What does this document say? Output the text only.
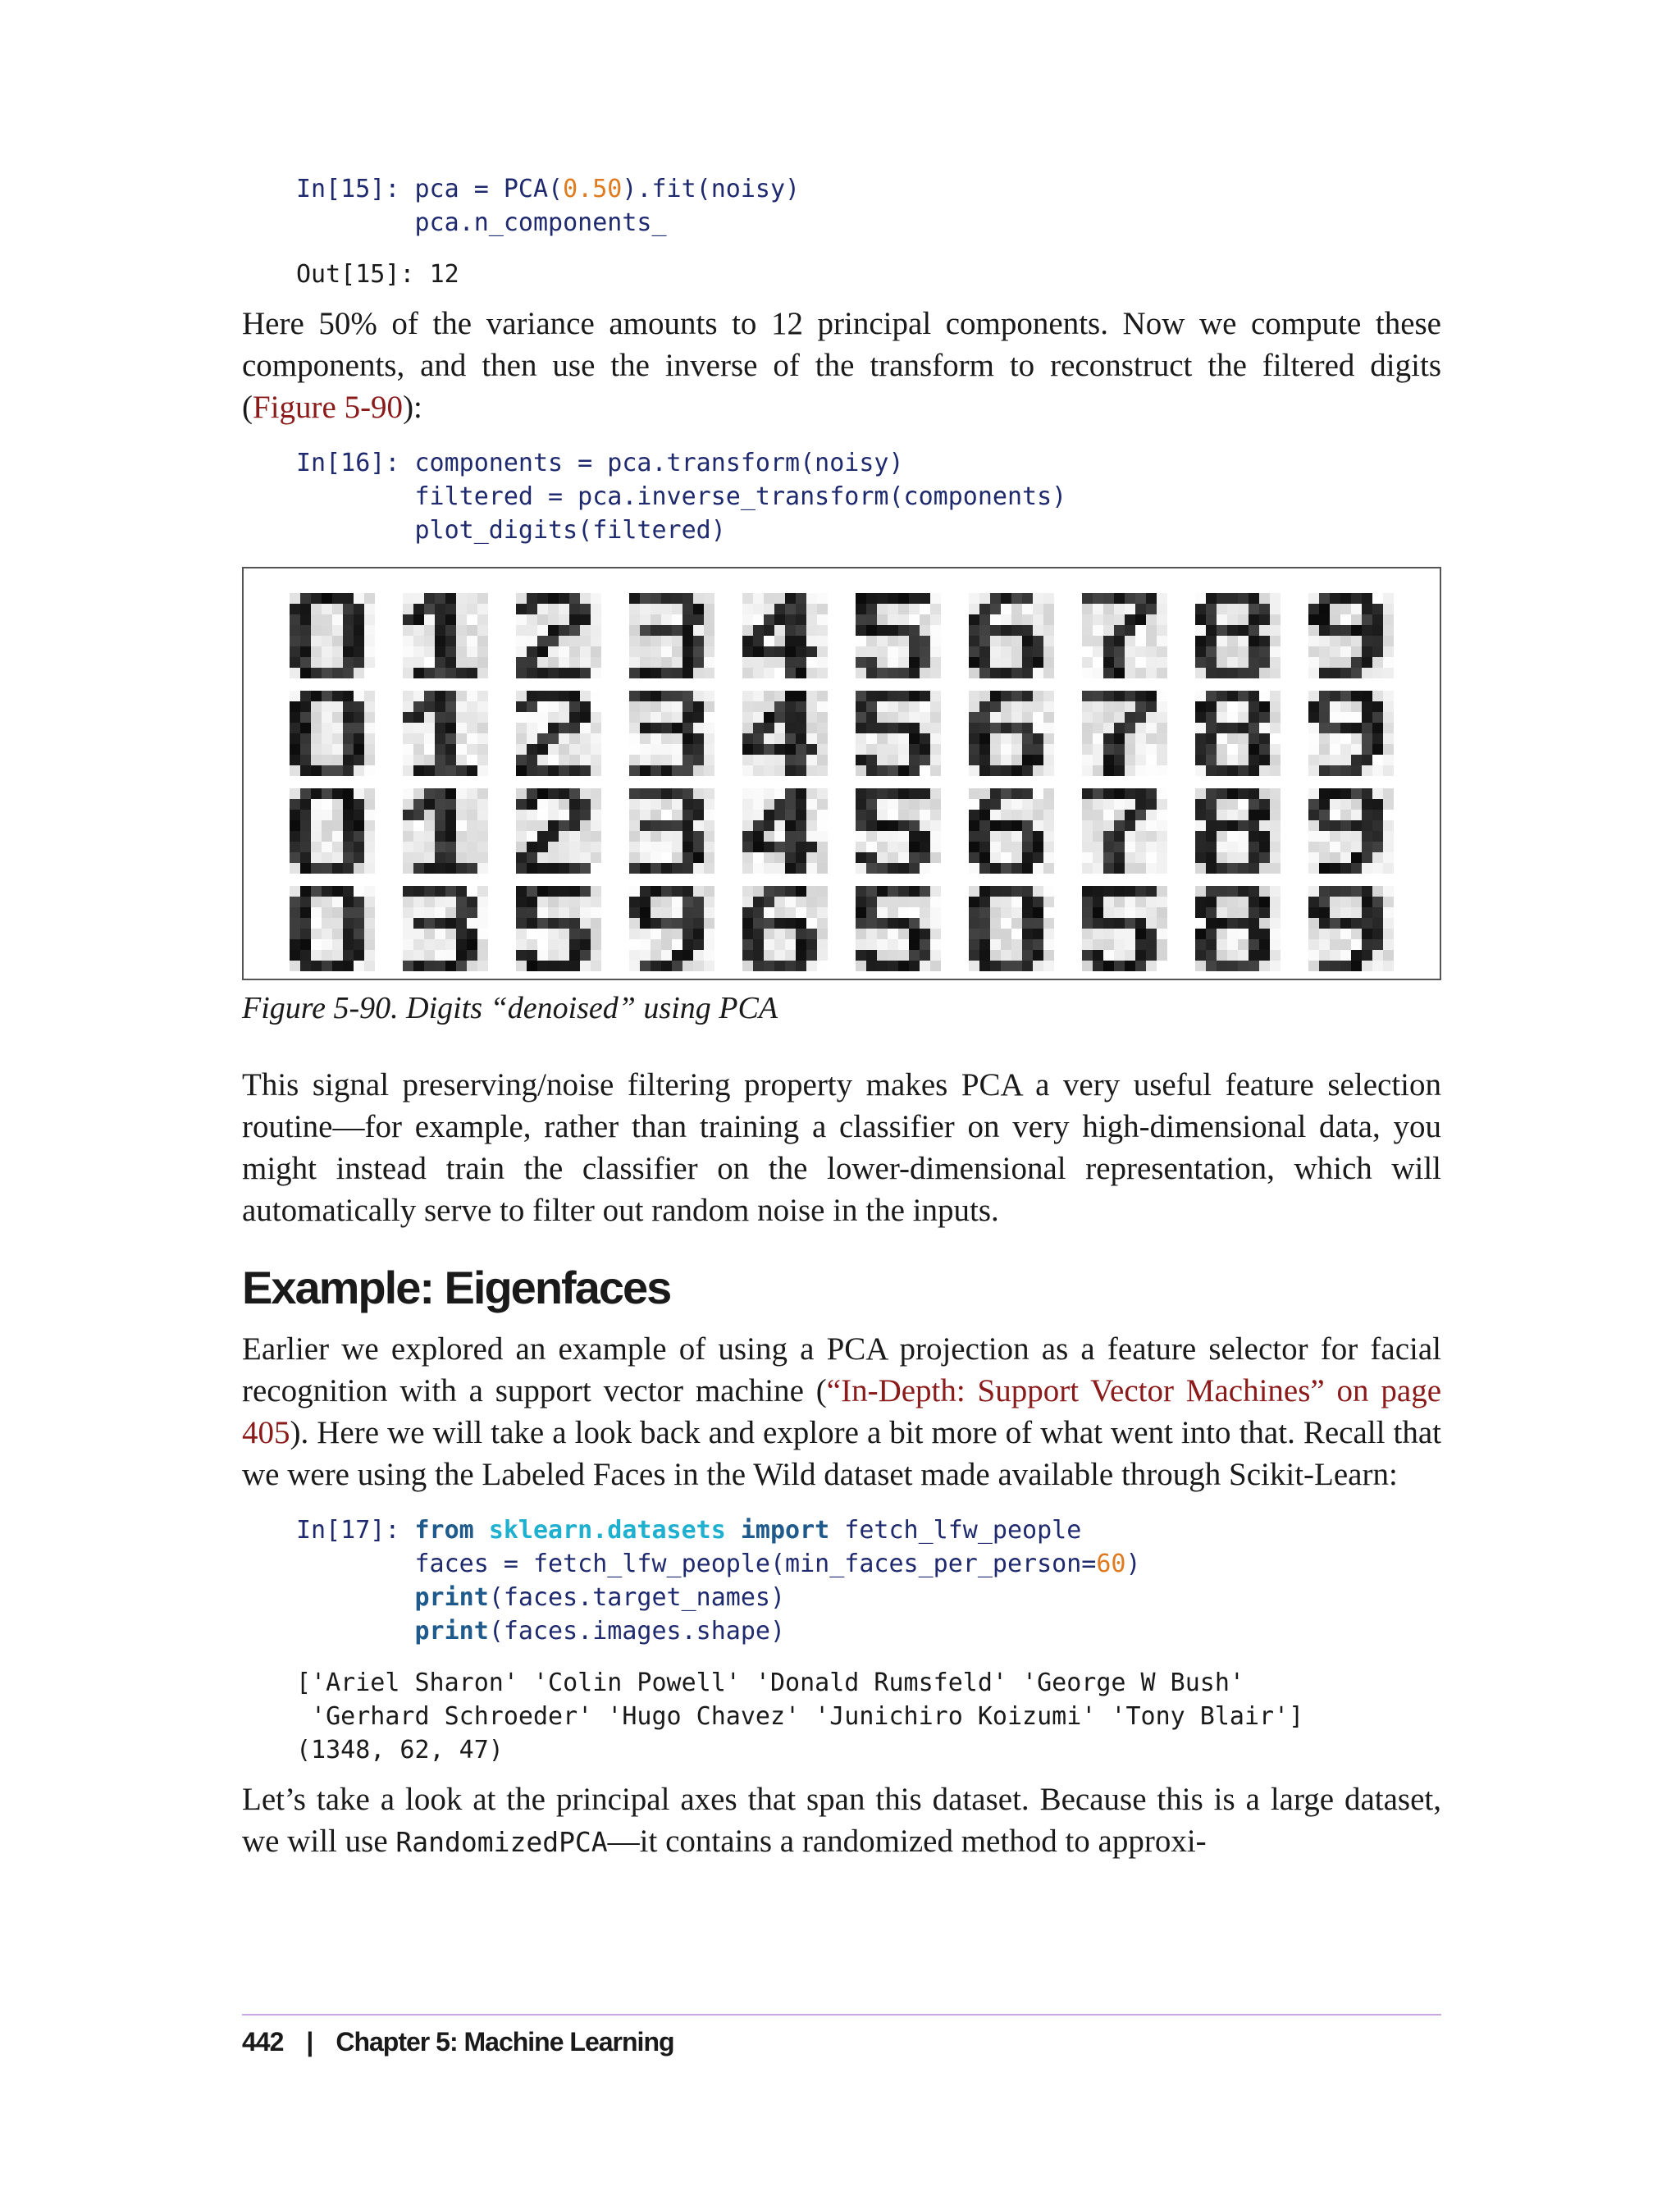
In[15]: pca = PCA(0.50).fit(noisy)
pca.n_components_
Out[15]: 12

Here 50% of the variance amounts to 12 principal components. Now we compute these components, and then use the inverse of the transform to reconstruct the filtered digits (Figure 5-90):

In[16]: components = pca.transform(noisy)
filtered = pca.inverse_transform(components)
plot_digits(filtered)
Figure 5-90. Digits “denoised” using PCA

This signal preserving/noise filtering property makes PCA a very useful feature selection routine—for example, rather than training a classifier on very high-dimensional data, you might instead train the classifier on the lower-dimensional representation, which will automatically serve to filter out random noise in the inputs.

Example: Eigenfaces

Earlier we explored an example of using a PCA projection as a feature selector for facial recognition with a support vector machine (“In-Depth: Support Vector Machines” on page 405). Here we will take a look back and explore a bit more of what went into that. Recall that we were using the Labeled Faces in the Wild dataset made available through Scikit-Learn:

In[17]: from sklearn.datasets import fetch_lfw_people
faces = fetch_lfw_people(min_faces_per_person=60)
print(faces.target_names)
print(faces.images.shape)
['Ariel Sharon' 'Colin Powell' 'Donald Rumsfeld' 'George W Bush'
'Gerhard Schroeder' 'Hugo Chavez' 'Junichiro Koizumi' 'Tony Blair']
(1348, 62, 47)

Let’s take a look at the principal axes that span this dataset. Because this is a large dataset, we will use RandomizedPCA—it contains a randomized method to approxi-

442 | Chapter 5: Machine Learning
